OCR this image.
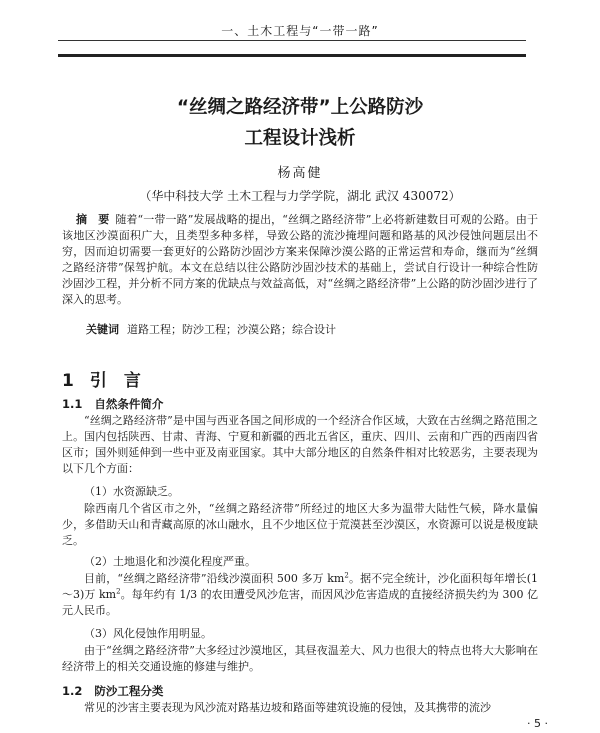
一、土木工程与“一带一路”
“丝绸之路经济带”上公路防沙
工程设计浅析
杨高健
（华中科技大学 土木工程与力学学院，湖北 武汉 430072）
摘　要 随着“一带一路”发展战略的提出，“丝绸之路经济带”上必将新建数目可观的公路。由于该地区沙漠面积广大，且类型多种多样，导致公路的流沙掩埋问题和路基的风沙侵蚀问题层出不穷，因而迫切需要一套更好的公路防沙固沙方案来保障沙漠公路的正常运营和寿命，继而为“丝绸之路经济带”保驾护航。本文在总结以往公路防沙固沙技术的基础上，尝试自行设计一种综合性防沙固沙工程，并分析不同方案的优缺点与效益高低，对“丝绸之路经济带”上公路的防沙固沙进行了深入的思考。
关键词 道路工程；防沙工程；沙漠公路；综合设计
1 引　言
1.1 自然条件简介
“丝绸之路经济带”是中国与西亚各国之间形成的一个经济合作区域，大致在古丝绸之路范围之上。国内包括陕西、甘肃、青海、宁夏和新疆的西北五省区，重庆、四川、云南和广西的西南四省区市；国外则延伸到一些中亚及南亚国家。其中大部分地区的自然条件相对比较恶劣，主要表现为以下几个方面：
（1）水资源缺乏。
除西南几个省区市之外，“丝绸之路经济带”所经过的地区大多为温带大陆性气候，降水量偏少，多借助天山和青藏高原的冰山融水，且不少地区位于荒漠甚至沙漠区，水资源可以说是极度缺乏。
（2）土地退化和沙漠化程度严重。
目前，“丝绸之路经济带”沿线沙漠面积 500 多万 $km^2$。据不完全统计，沙化面积每年增长(1～3)万 $km^2$。每年约有 1/3 的农田遭受风沙危害，而因风沙危害造成的直接经济损失约为 300 亿元人民币。
（3）风化侵蚀作用明显。
由于“丝绸之路经济带”大多经过沙漠地区，其昼夜温差大、风力也很大的特点也将大大影响在经济带上的相关交通设施的修建与维护。
1.2 防沙工程分类
常见的沙害主要表现为风沙流对路基边坡和路面等建筑设施的侵蚀，及其携带的流沙
· 5 ·
